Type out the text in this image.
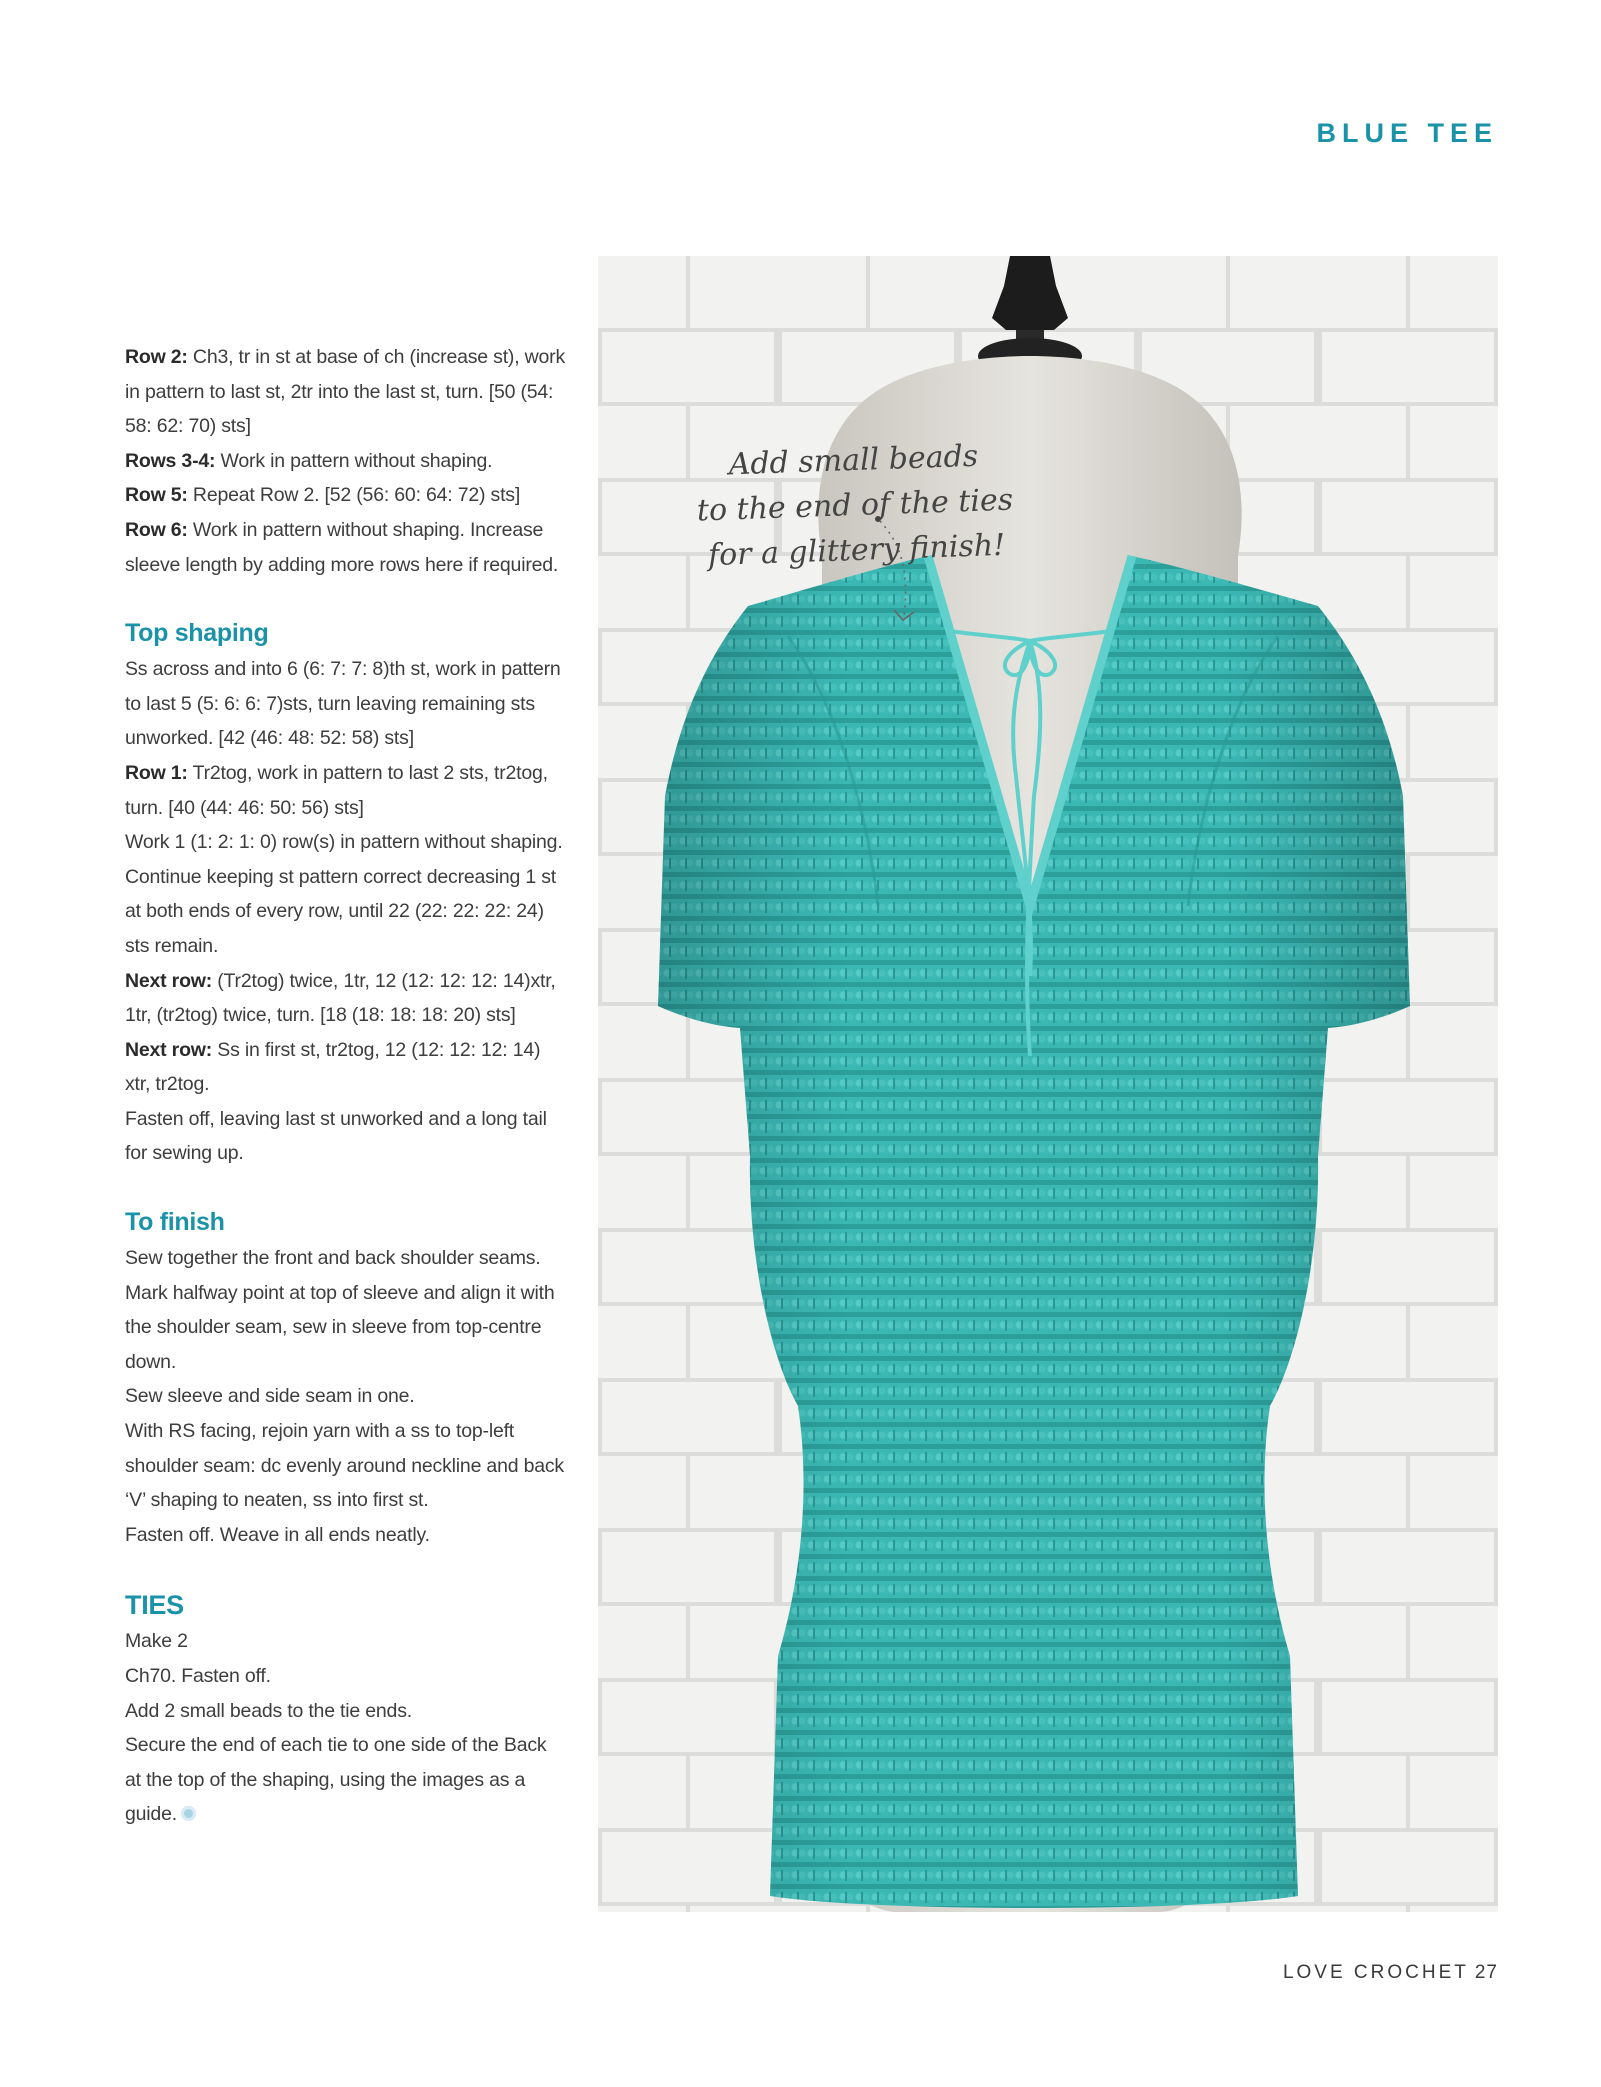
BLUE TEE

Row 2: Ch3, tr in st at base of ch (increase st), work in pattern to last st, 2tr into the last st, turn. [50 (54: 58: 62: 70) sts]

Rows 3-4: Work in pattern without shaping.

Row 5: Repeat Row 2. [52 (56: 60: 64: 72) sts]

Row 6: Work in pattern without shaping. Increase sleeve length by adding more rows here if required.

Top shaping

Ss across and into 6 (6: 7: 7: 8)th st, work in pattern to last 5 (5: 6: 6: 7)sts, turn leaving remaining sts unworked. [42 (46: 48: 52: 58) sts]

Row 1: Tr2tog, work in pattern to last 2 sts, tr2tog, turn. [40 (44: 46: 50: 56) sts]

Work 1 (1: 2: 1: 0) row(s) in pattern without shaping.

Continue keeping st pattern correct decreasing 1 st at both ends of every row, until 22 (22: 22: 22: 24) sts remain.

Next row: (Tr2tog) twice, 1tr, 12 (12: 12: 12: 14)xtr, 1tr, (tr2tog) twice, turn. [18 (18: 18: 18: 20) sts]

Next row: Ss in first st, tr2tog, 12 (12: 12: 12: 14) xtr, tr2tog.

Fasten off, leaving last st unworked and a long tail for sewing up.

To finish

Sew together the front and back shoulder seams. Mark halfway point at top of sleeve and align it with the shoulder seam, sew in sleeve from top-centre down.

Sew sleeve and side seam in one.

With RS facing, rejoin yarn with a ss to top-left shoulder seam: dc evenly around neckline and back ‘V’ shaping to neaten, ss into first st.

Fasten off. Weave in all ends neatly.

TIES

Make 2

Ch70. Fasten off.

Add 2 small beads to the tie ends.

Secure the end of each tie to one side of the Back at the top of the shaping, using the images as a guide.

Add small beads
to the end of the ties
for a glittery finish!
LOVE CROCHET 27
